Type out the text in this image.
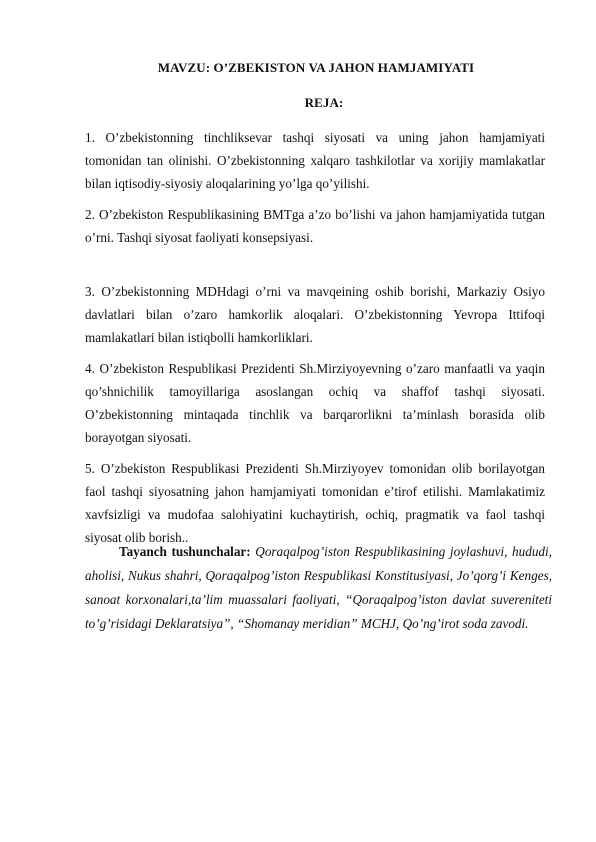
MAVZU: O’ZBEKISTON VA JAHON HAMJAMIYATI
REJA:
1. O’zbekistonning tinchliksevar tashqi siyosati va uning jahon hamjamiyati tomonidan tan olinishi. O’zbekistonning xalqaro tashkilotlar va xorijiy mamlakatlar bilan iqtisodiy-siyosiy aloqalarining yo’lga qo’yilishi.
2. O’zbekiston Respublikasining BMTga a’zo bo’lishi va jahon hamjamiyatida tutgan o’rni. Tashqi siyosat faoliyati konsepsiyasi.
3. O’zbekistonning MDHdagi o’rni va mavqeining oshib borishi, Markaziy Osiyo davlatlari bilan o’zaro hamkorlik aloqalari. O’zbekistonning Yevropa Ittifoqi mamlakatlari bilan istiqbolli hamkorliklari.
4. O’zbekiston Respublikasi Prezidenti Sh.Mirziyoyevning o’zaro manfaatli va yaqin qo’shnichilik tamoyillariga asoslangan ochiq va shaffof tashqi siyosati. O’zbekistonning mintaqada tinchlik va barqarorlikni ta’minlash borasida olib borayotgan siyosati.
5. O’zbekiston Respublikasi Prezidenti Sh.Mirziyoyev tomonidan olib borilayotgan faol tashqi siyosatning jahon hamjamiyati tomonidan e’tirof etilishi. Mamlakatimiz xavfsizligi va mudofaa salohiyatini kuchaytirish, ochiq, pragmatik va faol tashqi siyosat olib borish..
Tayanch tushunchalar: Qoraqalpog’iston Respublikasining joylashuvi, hududi, aholisi, Nukus shahri, Qoraqalpog’iston Respublikasi Konstitusiyasi, Jo’qorg’i Kenges, sanoat korxonalari,ta’lim muassalari faoliyati, “Qoraqalpog’iston davlat suvereniteti to’g’risidagi Deklaratsiya”, “Shomanay meridian” MCHJ, Qo’ng’irot soda zavodi.
